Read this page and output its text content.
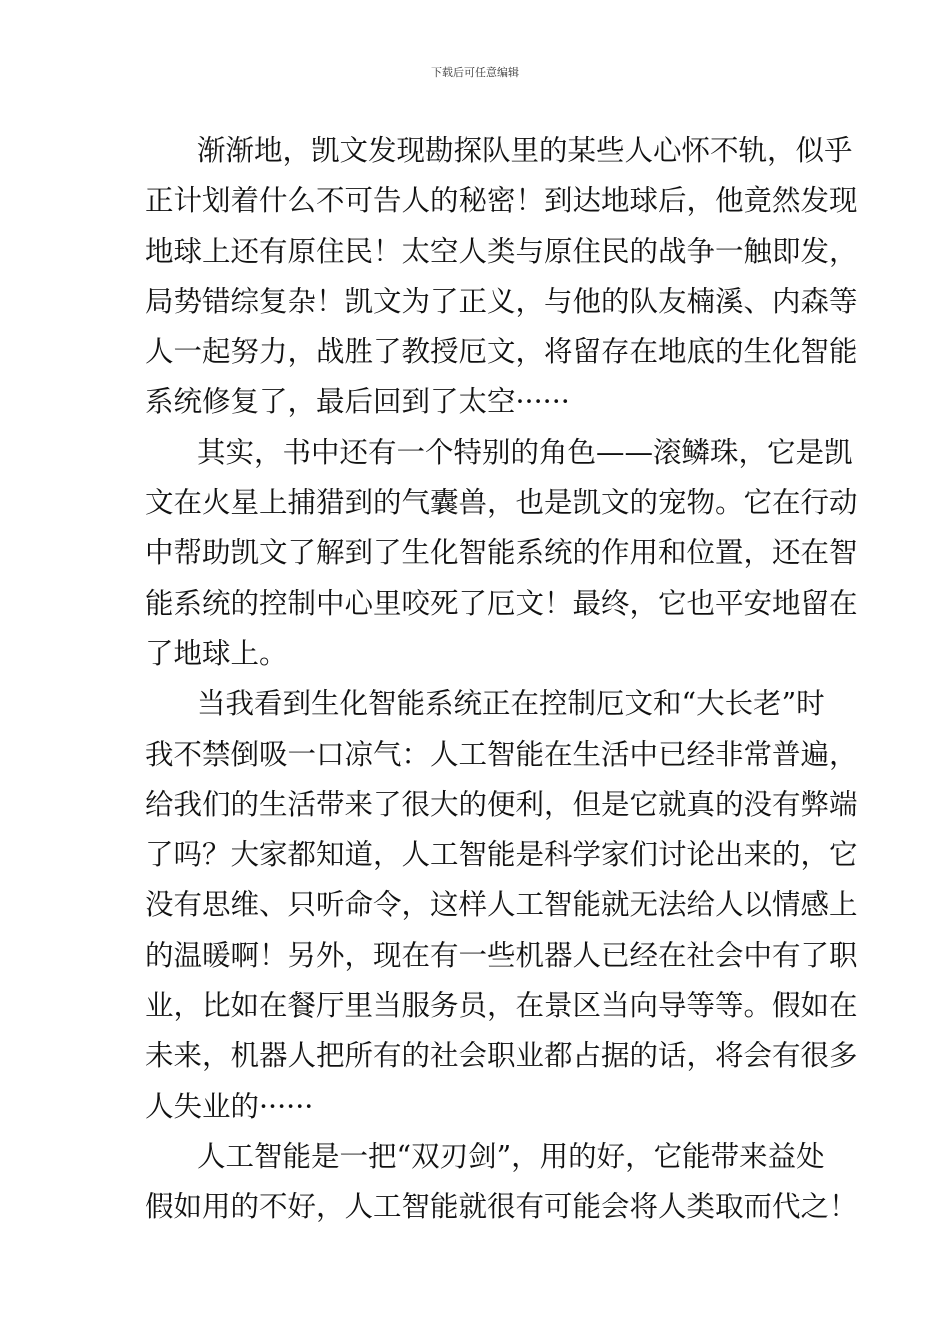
下载后可任意编辑
渐渐地，凯文发现勘探队里的某些人心怀不轨，似乎
正计划着什么不可告人的秘密！到达地球后，他竟然发现
地球上还有原住民！太空人类与原住民的战争一触即发，
局势错综复杂！凯文为了正义，与他的队友楠溪、内森等
人一起努力，战胜了教授厄文，将留存在地底的生化智能
系统修复了，最后回到了太空······
其实，书中还有一个特别的角色——滚鳞珠，它是凯
文在火星上捕猎到的气囊兽，也是凯文的宠物。它在行动
中帮助凯文了解到了生化智能系统的作用和位置，还在智
能系统的控制中心里咬死了厄文！最终，它也平安地留在
了地球上。
当我看到生化智能系统正在控制厄文和“大长老”时
我不禁倒吸一口凉气：人工智能在生活中已经非常普遍，
给我们的生活带来了很大的便利，但是它就真的没有弊端
了吗？大家都知道，人工智能是科学家们讨论出来的，它
没有思维、只听命令，这样人工智能就无法给人以情感上
的温暖啊！另外，现在有一些机器人已经在社会中有了职
业，比如在餐厅里当服务员，在景区当向导等等。假如在
未来，机器人把所有的社会职业都占据的话，将会有很多
人失业的······
人工智能是一把“双刃剑”，用的好，它能带来益处
假如用的不好，人工智能就很有可能会将人类取而代之！
